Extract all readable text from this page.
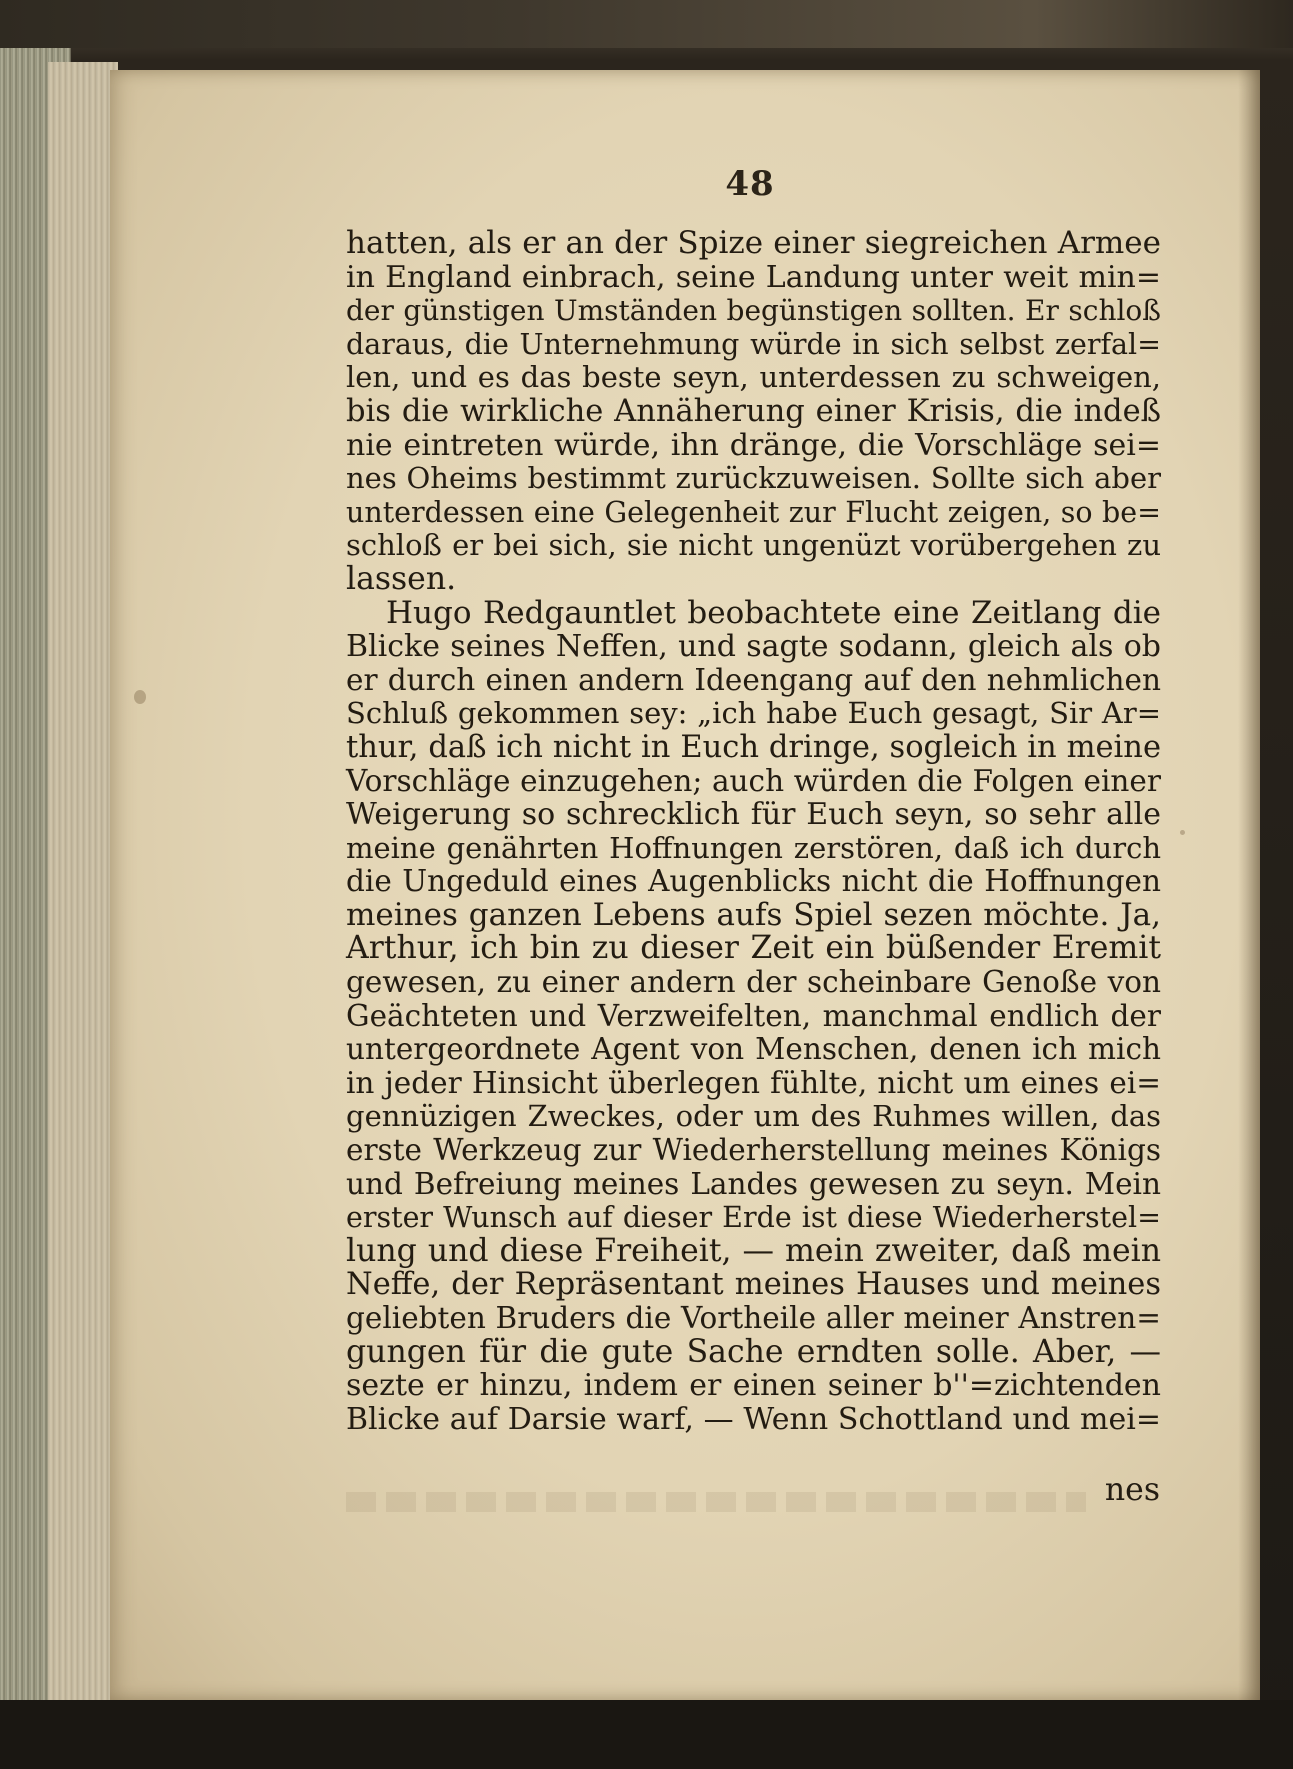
48
hatten, als er an der Spize einer siegreichen Armee
in England einbrach, seine Landung unter weit min=
der günstigen Umständen begünstigen sollten. Er schloß
daraus, die Unternehmung würde in sich selbst zerfal=
len, und es das beste seyn, unterdessen zu schweigen,
bis die wirkliche Annäherung einer Krisis, die indeß
nie eintreten würde, ihn dränge, die Vorschläge sei=
nes Oheims bestimmt zurückzuweisen. Sollte sich aber
unterdessen eine Gelegenheit zur Flucht zeigen, so be=
schloß er bei sich, sie nicht ungenüzt vorübergehen zu
lassen.
Hugo Redgauntlet beobachtete eine Zeitlang die
Blicke seines Neffen, und sagte sodann, gleich als ob
er durch einen andern Ideengang auf den nehmlichen
Schluß gekommen sey: „ich habe Euch gesagt, Sir Ar=
thur, daß ich nicht in Euch dringe, sogleich in meine
Vorschläge einzugehen; auch würden die Folgen einer
Weigerung so schrecklich für Euch seyn, so sehr alle
meine genährten Hoffnungen zerstören, daß ich durch
die Ungeduld eines Augenblicks nicht die Hoffnungen
meines ganzen Lebens aufs Spiel sezen möchte. Ja,
Arthur, ich bin zu dieser Zeit ein büßender Eremit
gewesen, zu einer andern der scheinbare Genoße von
Geächteten und Verzweifelten, manchmal endlich der
untergeordnete Agent von Menschen, denen ich mich
in jeder Hinsicht überlegen fühlte, nicht um eines ei=
gennüzigen Zweckes, oder um des Ruhmes willen, das
erste Werkzeug zur Wiederherstellung meines Königs
und Befreiung meines Landes gewesen zu seyn. Mein
erster Wunsch auf dieser Erde ist diese Wiederherstel=
lung und diese Freiheit, — mein zweiter, daß mein
Neffe, der Repräsentant meines Hauses und meines
geliebten Bruders die Vortheile aller meiner Anstren=
gungen für die gute Sache erndten solle. Aber, —
sezte er hinzu, indem er einen seiner b''=zichtenden
Blicke auf Darsie warf, — Wenn Schottland und mei=
nes
